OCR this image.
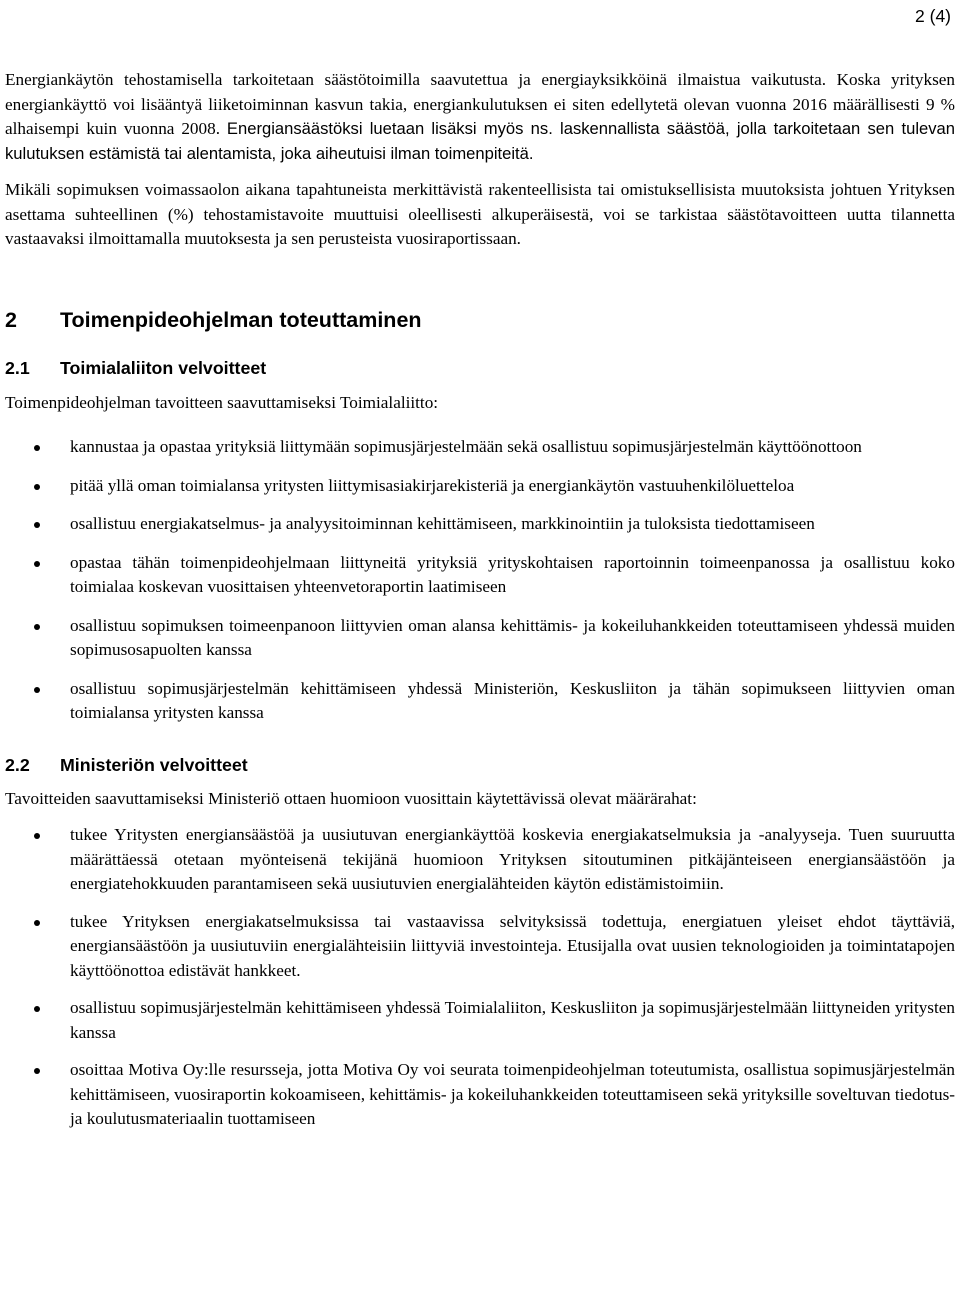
2 (4)

Energiankäytön tehostamisella tarkoitetaan säästötoimilla saavutettua ja energiayksikköinä ilmaistua vaikutusta. Koska yrityksen energiankäyttö voi lisääntyä liiketoiminnan kasvun takia, energiankulutuksen ei siten edellytetä olevan vuonna 2016 määrällisesti 9 % alhaisempi kuin vuonna 2008. Energiansäästöksi luetaan lisäksi myös ns. laskennallista säästöä, jolla tarkoitetaan sen tulevan kulutuksen estämistä tai alentamista, joka aiheutuisi ilman toimenpiteitä.

Mikäli sopimuksen voimassaolon aikana tapahtuneista merkittävistä rakenteellisista tai omistuksellisista muutoksista johtuen Yrityksen asettama suhteellinen (%) tehostamistavoite muuttuisi oleellisesti alkuperäisestä, voi se tarkistaa säästötavoitteen uutta tilannetta vastaavaksi ilmoittamalla muutoksesta ja sen perusteista vuosiraportissaan.

2	Toimenpideohjelman toteuttaminen
2.1	Toimialaliiton velvoitteet

Toimenpideohjelman tavoitteen saavuttamiseksi Toimialaliitto:

kannustaa ja opastaa yrityksiä liittymään sopimusjärjestelmään sekä osallistuu sopimusjärjestelmän käyttöönottoon
pitää yllä oman toimialansa yritysten liittymisasiakirjarekisteriä ja energiankäytön vastuuhenkilöluetteloa
osallistuu energiakatselmus- ja analyysitoiminnan kehittämiseen, markkinointiin ja tuloksista tiedottamiseen
opastaa tähän toimenpideohjelmaan liittyneitä yrityksiä yrityskohtaisen raportoinnin toimeenpanossa ja osallistuu koko toimialaa koskevan vuosittaisen yhteenvetoraportin laatimiseen
osallistuu sopimuksen toimeenpanoon liittyvien oman alansa kehittämis- ja kokeiluhankkeiden toteuttamiseen yhdessä muiden sopimusosapuolten kanssa
osallistuu sopimusjärjestelmän kehittämiseen yhdessä Ministeriön, Keskusliiton ja tähän sopimukseen liittyvien oman toimialansa yritysten kanssa
2.2	Ministeriön velvoitteet

Tavoitteiden saavuttamiseksi Ministeriö ottaen huomioon vuosittain käytettävissä olevat määrärahat:

tukee Yritysten energiansäästöä ja uusiutuvan energiankäyttöä koskevia energiakatselmuksia ja -analyyseja. Tuen suuruutta määrättäessä otetaan myönteisenä tekijänä huomioon Yrityksen sitoutuminen pitkäjänteiseen energiansäästöön ja energiatehokkuuden parantamiseen sekä uusiutuvien energialähteiden käytön edistämistoimiin.
tukee Yrityksen energiakatselmuksissa tai vastaavissa selvityksissä todettuja, energiatuen yleiset ehdot täyttäviä, energiansäästöön ja uusiutuviin energialähteisiin liittyviä investointeja. Etusijalla ovat uusien teknologioiden ja toimintatapojen käyttöönottoa edistävät hankkeet.
osallistuu sopimusjärjestelmän kehittämiseen yhdessä Toimialaliiton, Keskusliiton ja sopimusjärjestelmään liittyneiden yritysten kanssa
osoittaa Motiva Oy:lle resursseja, jotta Motiva Oy voi seurata toimenpideohjelman toteutumista, osallistua sopimusjärjestelmän kehittämiseen, vuosiraportin kokoamiseen, kehittämis- ja kokeiluhankkeiden toteuttamiseen sekä yrityksille soveltuvan tiedotus- ja koulutusmateriaalin tuottamiseen
